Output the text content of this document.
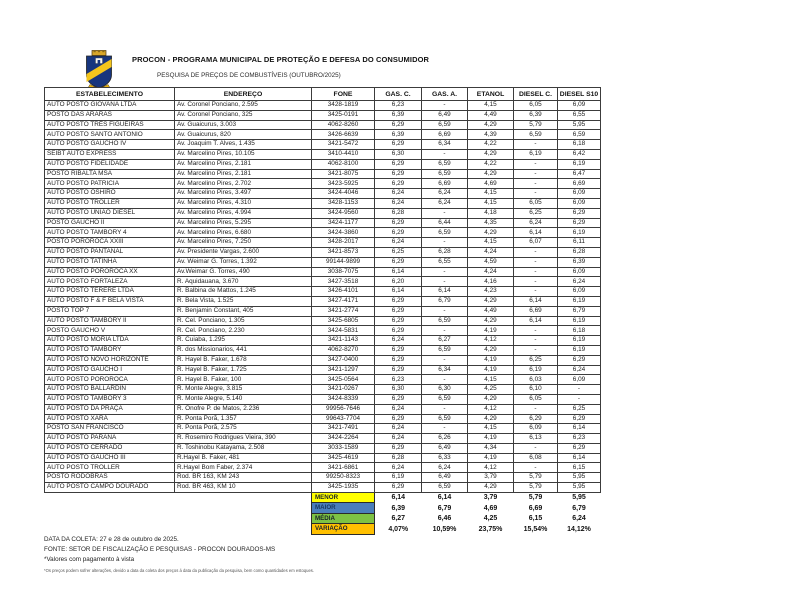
PROCON - PROGRAMA MUNICIPAL DE PROTEÇÃO E DEFESA DO CONSUMIDOR
PESQUISA DE PREÇOS DE COMBUSTÍVEIS (OUTUBRO/2025)
ESTABELECIMENTO	ENDEREÇO	FONE	GAS. C.	GAS. A.	ETANOL	DIESEL C.	DIESEL S10
AUTO POSTO GIOVANA LTDA	Av. Coronel Ponciano, 2.595	3428-1819	6,23	-	4,15	6,05	6,09
POSTO DAS ARARAS	Av. Coronel Ponciano, 325	3425-0191	6,39	6,49	4,49	6,39	6,55
AUTO POSTO TRÊS FIGUEIRAS	Av. Guaicurus, 3.003	4062-8260	6,29	6,59	4,29	5,79	5,95
AUTO POSTO SANTO ANTONIO	Av. Guaicurus, 820	3426-6639	6,39	6,69	4,39	6,59	6,59
AUTO POSTO GAUCHO IV	Av. Joaquim T. Alves, 1.435	3421-5472	6,29	6,34	4,22	-	6,18
SEIBT AUTO EXPRESS	Av. Marcelino Pires, 10.105	3410-4410	6,30	-	4,29	6,19	6,42
AUTO POSTO FIDELIDADE	Av. Marcelino Pires, 2.181	4062-8100	6,29	6,59	4,22	-	6,19
POSTO RIBALTA MSA	Av. Marcelino Pires, 2.181	3421-8075	6,29	6,59	4,29	-	6,47
AUTO POSTO PATRICIA	Av. Marcelino Pires, 2.702	3423-5925	6,29	6,69	4,69	-	6,69
AUTO POSTO OSHIRO	Av. Marcelino Pires, 3.497	3424-4046	6,24	6,24	4,15	-	6,09
AUTO POSTO TROLLER	Av. Marcelino Pires, 4.310	3428-1153	6,24	6,24	4,15	6,05	6,09
AUTO POSTO UNIAO DIESEL	Av. Marcelino Pires, 4.994	3424-9560	6,28	-	4,18	6,25	6,29
POSTO GAUCHO II	Av. Marcelino Pires, 5.295	3424-1177	6,29	6,44	4,35	6,24	6,29
AUTO POSTO TAMBORY 4	Av. Marcelino Pires, 6.680	3424-3860	6,29	6,59	4,29	6,14	6,19
POSTO POROROCA XXIII	Av. Marcelino Pires, 7.250	3428-2017	6,24	-	4,15	6,07	6,11
AUTO POSTO PANTANAL	Av. Presidente Vargas, 2.600	3421-8573	6,25	6,28	4,24	-	6,28
AUTO POSTO TATINHA	Av. Weimar G. Torres, 1.392	99144-9899	6,29	6,55	4,59	-	6,39
AUTO POSTO POROROCA XX	Av.Weimar G. Torres, 490	3038-7075	6,14	-	4,24	-	6,09
AUTO POSTO FORTALEZA	R. Aquidauana, 3.670	3427-3518	6,20	-	4,16	-	6,24
AUTO POSTO TERERE LTDA	R. Balbina de Mattos, 1.245	3426-4101	6,14	6,14	4,23	-	6,09
AUTO POSTO F & F BELA VISTA	R. Bela Vista, 1.525	3427-4171	6,29	6,79	4,29	6,14	6,19
POSTO TOP 7	R. Benjamin Constant, 405	3421-2774	6,29	-	4,49	6,69	6,79
AUTO POSTO TAMBORY II	R. Cel. Ponciano, 1.305	3425-6805	6,29	6,59	4,29	6,14	6,19
POSTO GAUCHO V	R. Cel. Ponciano, 2.230	3424-5831	6,29	-	4,19	-	6,18
AUTO POSTO MORIA LTDA	R. Cuiaba, 1.295	3421-1143	6,24	6,27	4,12	-	6,19
AUTO POSTO TAMBORY	R. dos Missionarios, 441	4062-8270	6,29	6,59	4,29	-	6,19
AUTO POSTO NOVO HORIZONTE	R. Hayel B. Faker, 1.678	3427-0400	6,29	-	4,19	6,25	6,29
AUTO POSTO GAUCHO I	R. Hayel B. Faker, 1.725	3421-1297	6,29	6,34	4,19	6,19	6,24
AUTO POSTO POROROCA	R. Hayel B. Faker, 100	3425-0564	6,23	-	4,15	6,03	6,09
AUTO POSTO BALLARDIN	R. Monte Alegre, 3.815	3421-0267	6,30	6,30	4,25	6,10	-
AUTO POSTO TAMBORY 3	R. Monte Alegre, 5.140	3424-8339	6,29	6,59	4,29	6,05	-
AUTO POSTO DA PRAÇA	R. Onofre P. de Matos, 2.236	99956-7646	6,24	-	4,12	-	6,25
AUTO POSTO XARÁ	R. Ponta Porã, 1.357	99643-7704	6,29	6,59	4,29	6,29	6,29
POSTO SAN FRANCISCO	R. Ponta Porã, 2.575	3421-7491	6,24	-	4,15	6,09	6,14
AUTO POSTO PARANA	R. Rosemiro Rodrigues Vieira, 390	3424-2264	6,24	6,26	4,19	6,13	6,23
AUTO POSTO CERRADO	R. Toshinobu Katayama, 2.508	3033-1589	6,29	6,49	4,34	-	6,29
AUTO POSTO GAUCHO III	R.Hayel B. Faker, 481	3425-4619	6,28	6,33	4,19	6,08	6,14
AUTO POSTO TROLLER	R.Hayel Bom Faber, 2.374	3421-6861	6,24	6,24	4,12	-	6,15
POSTO RODOBRAS	Rod. BR 163, KM 243	99250-8323	6,19	6,49	3,79	5,79	5,95
AUTO POSTO CAMPO DOURADO	Rod. BR 463, KM 10	3425-1935	6,29	6,59	4,29	5,79	5,95
		MENOR	6,14	6,14	3,79	5,79	5,95
		MAIOR	6,39	6,79	4,69	6,69	6,79
		MÉDIA	6,27	6,46	4,25	6,15	6,24
		VARIAÇÃO	4,07%	10,59%	23,75%	15,54%	14,12%
DATA DA COLETA: 27 e 28 de outubro de 2025.
FONTE: SETOR DE FISCALIZAÇÃO E PESQUISAS - PROCON DOURADOS-MS
*Valores com pagamento à vista
*Os preços podem sofrer alterações, devido a data da coleta dos preços á data da publicação da pesquisa, bem como quantidades em estoques.
